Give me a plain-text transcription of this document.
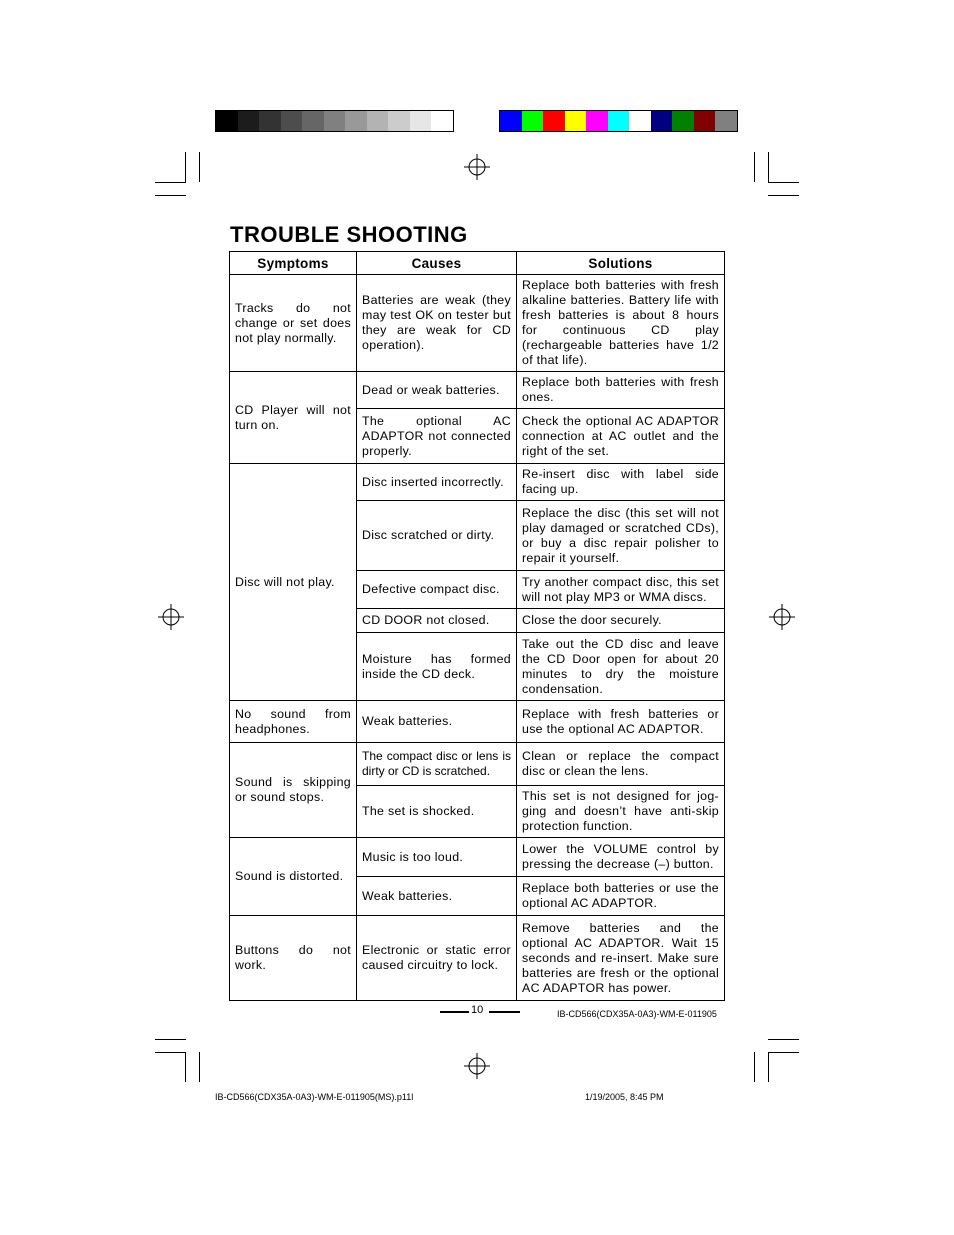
TROUBLE SHOOTING
Symptoms	Causes	Solutions
Tracks do not change or set does not play normally.	Batteries are weak (they may test OK on tester but they are weak for CD operation).	Replace both batteries with fresh alkaline batteries. Battery life with fresh batteries is about 8 hours for continuous CD play (rechargeable batteries have 1/2 of that life).
CD Player will not turn on.	Dead or weak batteries.	Replace both batteries with fresh ones.
	The optional AC ADAPTOR not connected properly.	Check the optional AC ADAPTOR connection at AC outlet and the right of the set.
Disc will not play.	Disc inserted incorrectly.	Re-insert disc with label side facing up.
	Disc scratched or dirty.	Replace the disc (this set will not play damaged or scratched CDs), or buy a disc repair polisher to repair it yourself.
	Defective compact disc.	Try another compact disc, this set will not play MP3 or WMA discs.
	CD DOOR not closed.	Close the door securely.
	Moisture has formed inside the CD deck.	Take out the CD disc and leave the CD Door open for about 20 minutes to dry the moisture condensation.
No sound from headphones.	Weak batteries.	Replace with fresh batteries or use the optional AC ADAPTOR.
Sound is skipping or sound stops.	The compact disc or lens is dirty or CD is scratched.	Clean or replace the compact disc or clean the lens.
	The set is shocked.	This set is not designed for jog-ging and doesn’t have anti-skip protection function.
Sound is distorted.	Music is too loud.	Lower the VOLUME control by pressing the decrease (–) button.
	Weak batteries.	Replace both batteries or use the optional AC ADAPTOR.
Buttons do not work.	Electronic or static error caused circuitry to lock.	Remove batteries and the optional AC ADAPTOR. Wait 15 seconds and re-insert. Make sure batteries are fresh or the optional AC ADAPTOR has power.
10	IB-CD566(CDX35A-0A3)-WM-E-011905
IB-CD566(CDX35A-0A3)-WM-E-011905(MS).p11l	1/19/2005, 8:45 PM
